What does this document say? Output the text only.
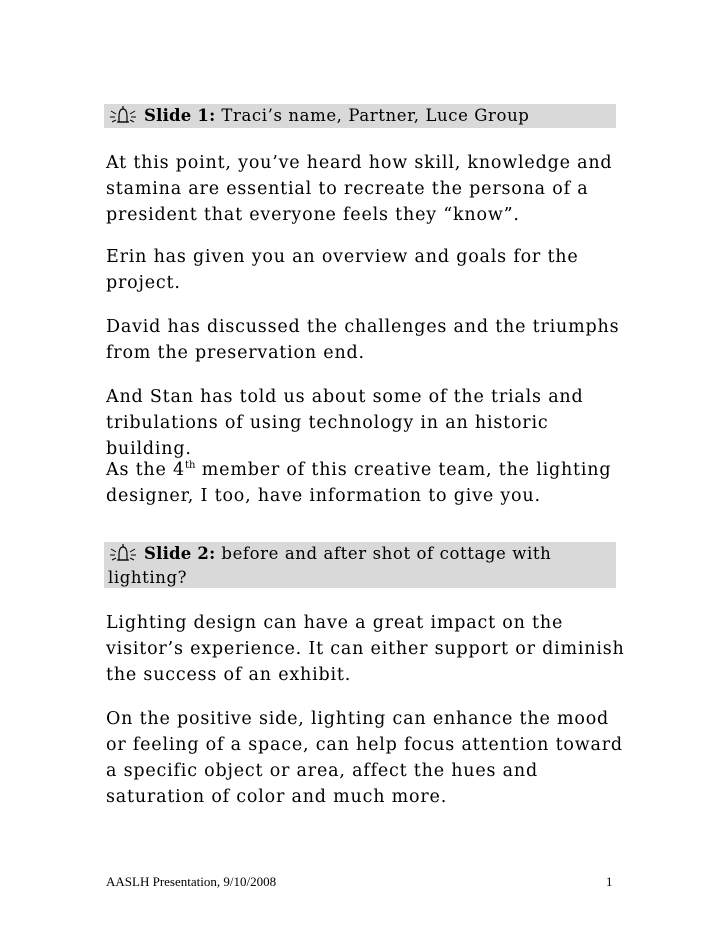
Slide 1: Traci’s name, Partner, Luce Group

At this point, you’ve heard how skill, knowledge and stamina are essential to recreate the persona of a president that everyone feels they “know”.

Erin has given you an overview and goals for the project.

David has discussed the challenges and the triumphs from the preservation end.

And Stan has told us about some of the trials and tribulations of using technology in an historic building.

As the 4th member of this creative team, the lighting designer, I too, have information to give you.

Slide 2: before and after shot of cottage with lighting?

Lighting design can have a great impact on the visitor’s experience. It can either support or diminish the success of an exhibit.

On the positive side, lighting can enhance the mood or feeling of a space, can help focus attention toward a specific object or area, affect the hues and saturation of color and much more.

AASLH Presentation, 9/10/2008	1
